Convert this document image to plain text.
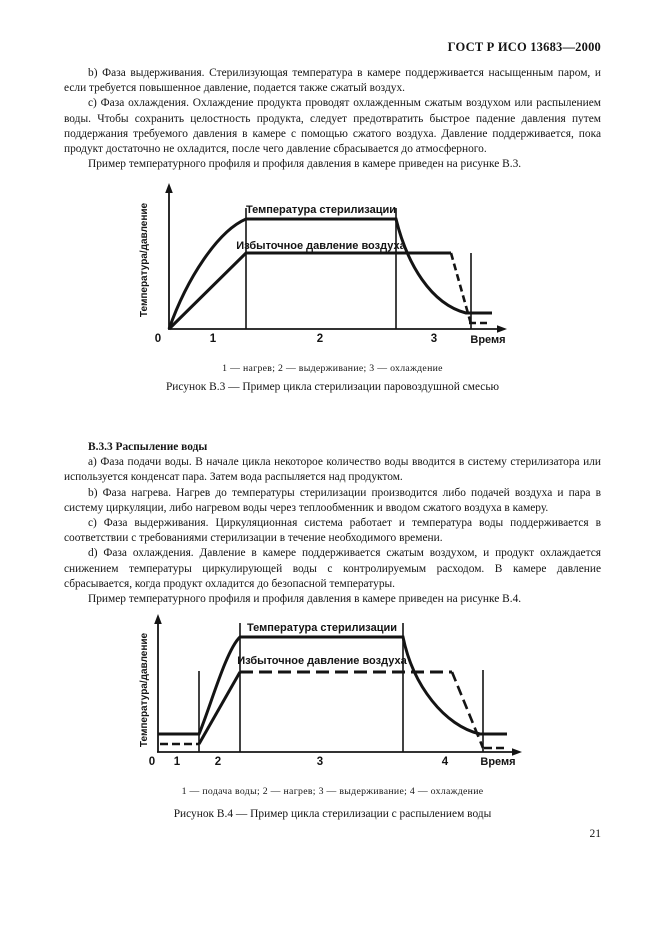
ГОСТ Р ИСО 13683—2000

b) Фаза выдерживания. Стерилизующая температура в камере поддерживается насыщенным паром, и если требуется повышенное давление, подается также сжатый воздух.

с) Фаза охлаждения. Охлаждение продукта проводят охлажденным сжатым воздухом или распылением воды. Чтобы сохранить целостность продукта, следует предотвратить быстрое падение давления путем поддержания требуемого давления в камере с помощью сжатого воздуха. Давление поддерживается, пока продукт достаточно не охладится, после чего давление сбрасывается до атмосферного.

Пример температурного профиля и профиля давления в камере приведен на рисунке В.3.

Температура стерилизации
Избыточное давление воздуха
Температура/давление
0	1	2	3	Время
1 — нагрев; 2 — выдерживание; 3 — охлаждение
Рисунок В.3 — Пример цикла стерилизации паровоздушной смесью

В.3.3 Распыление воды

а) Фаза подачи воды. В начале цикла некоторое количество воды вводится в систему стерилизатора или используется конденсат пара. Затем вода распыляется над продуктом.

b) Фаза нагрева. Нагрев до температуры стерилизации производится либо подачей воздуха и пара в систему циркуляции, либо нагревом воды через теплообменник и вводом сжатого воздуха в камеру.

с) Фаза выдерживания. Циркуляционная система работает и температура воды поддерживается в соответствии с требованиями стерилизации в течение необходимого времени.

d) Фаза охлаждения. Давление в камере поддерживается сжатым воздухом, и продукт охлаждается снижением температуры циркулирующей воды с контролируемым расходом. В камере давление сбрасывается, когда продукт охладится до безопасной температуры.

Пример температурного профиля и профиля давления в камере приведен на рисунке В.4.

Температура стерилизации
Избыточное давление воздуха
Температура/давление
0 1	2	3	4	Время
1 — подача воды; 2 — нагрев; 3 — выдерживание; 4 — охлаждение
Рисунок В.4 — Пример цикла стерилизации с распылением воды
21
